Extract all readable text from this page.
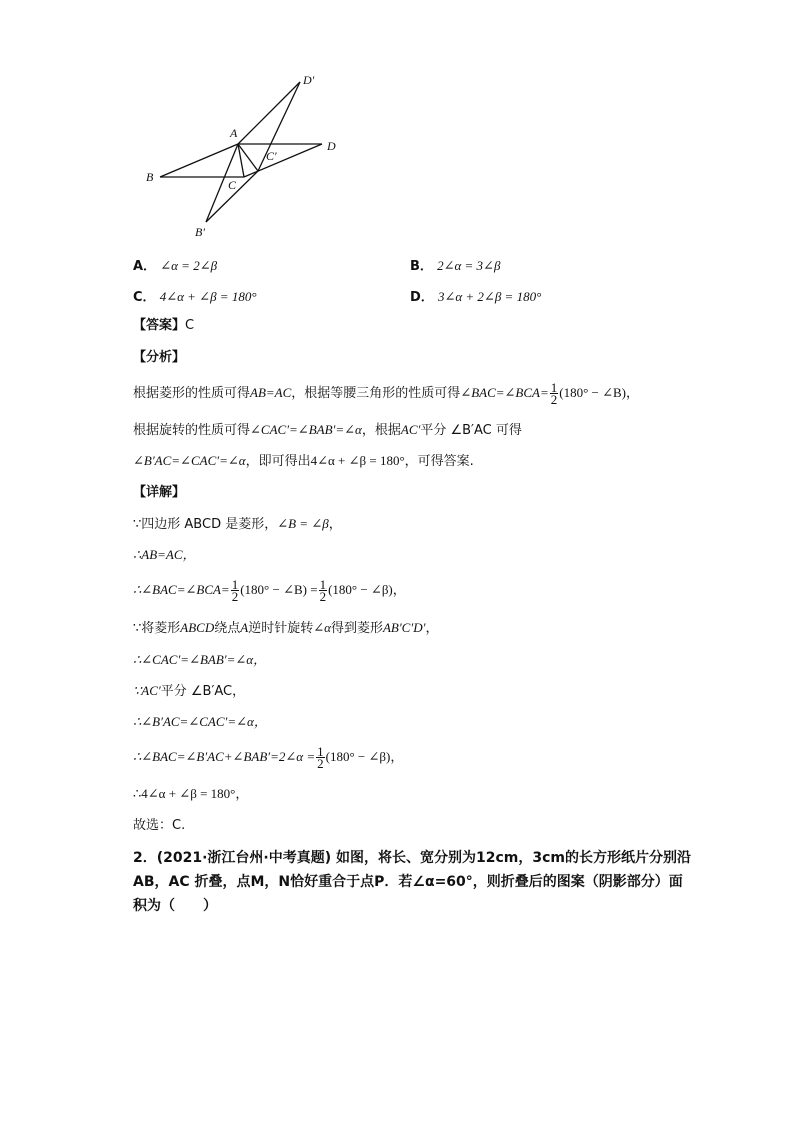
D′
A
C′
D
B
C
B′
A． ∠α = 2∠β	B． 2∠α = 3∠β
C． 4∠α + ∠β = 180°	D． 3∠α + 2∠β = 180°
【答案】C
【分析】
根据菱形的性质可得AB=AC，根据等腰三角形的性质可得∠BAC=∠BCA= $\frac{1}{2} (180^\circ$ − ∠B)，
根据旋转的性质可得∠CAC′=∠BAB′=∠α，根据AC′平分 ∠B′AC 可得
∠B′AC=∠CAC′=∠α，即可得出4∠α + ∠β = 180°，可得答案.
【详解】
∵四边形 ABCD 是菱形，∠B = ∠β，
∴AB=AC，
∴∠BAC=∠BCA= $\frac{1}{2} (180^\circ$ − ∠B) = $\frac{1}{2} (180^\circ$ − ∠β)，
∵将菱形ABCD绕点A逆时针旋转∠α得到菱形AB′C′D′，
∴∠CAC′=∠BAB′=∠α，
∵AC′平分 ∠B′AC，
∴∠B′AC=∠CAC′=∠α，
∴∠BAC=∠B′AC+∠BAB′=2∠α = $\frac{1}{2} (180^\circ$ − ∠β)，
∴4∠α + ∠β = 180°，
故选：C.
2．(2021·浙江台州·中考真题) 如图，将长、宽分别为12cm，3cm的长方形纸片分别沿 AB，AC 折叠，点M，N恰好重合于点P．若∠α=60°，则折叠后的图案（阴影部分）面积为（　　）
